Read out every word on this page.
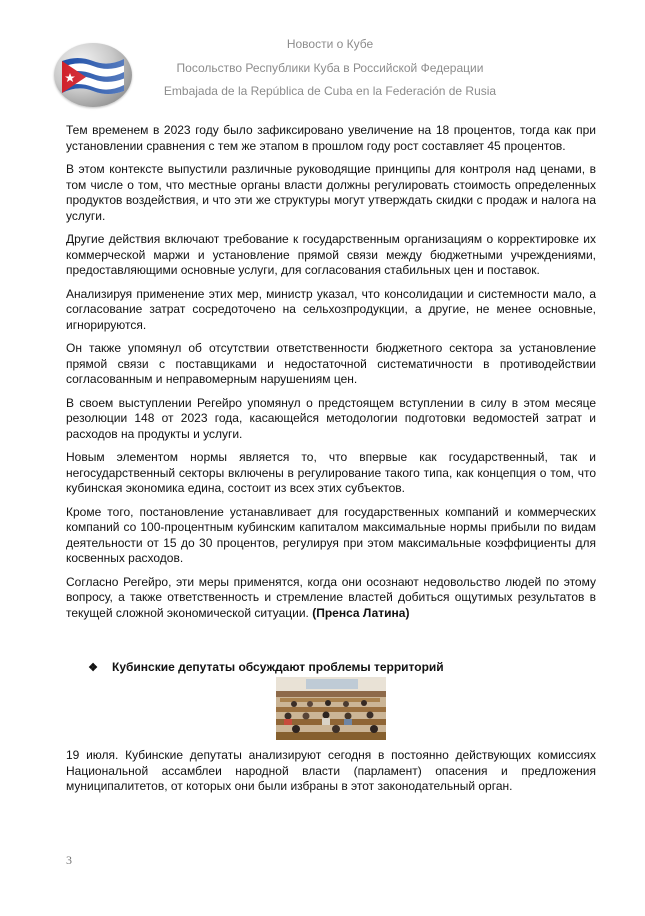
Новости о Кубе
Посольство Республики Куба в Российской Федерации
Embajada de la República de Cuba en la Federación de Rusia

Тем временем в 2023 году было зафиксировано увеличение на 18 процентов, тогда как при установлении сравнения с тем же этапом в прошлом году рост составляет 45 процентов.

В этом контексте выпустили различные руководящие принципы для контроля над ценами, в том числе о том, что местные органы власти должны регулировать стоимость определенных продуктов воздействия, и что эти же структуры могут утверждать скидки с продаж и налога на услуги.

Другие действия включают требование к государственным организациям о корректировке их коммерческой маржи и установление прямой связи между бюджетными учреждениями, предоставляющими основные услуги, для согласования стабильных цен и поставок.

Анализируя применение этих мер, министр указал, что консолидации и системности мало, а согласование затрат сосредоточено на сельхозпродукции, а другие, не менее основные, игнорируются.

Он также упомянул об отсутствии ответственности бюджетного сектора за установление прямой связи с поставщиками и недостаточной систематичности в противодействии согласованным и неправомерным нарушениям цен.

В своем выступлении Регейро упомянул о предстоящем вступлении в силу в этом месяце резолюции 148 от 2023 года, касающейся методологии подготовки ведомостей затрат и расходов на продукты и услуги.

Новым элементом нормы является то, что впервые как государственный, так и негосударственный секторы включены в регулирование такого типа, как концепция о том, что кубинская экономика едина, состоит из всех этих субъектов.

Кроме того, постановление устанавливает для государственных компаний и коммерческих компаний со 100-процентным кубинским капиталом максимальные нормы прибыли по видам деятельности от 15 до 30 процентов, регулируя при этом максимальные коэффициенты для косвенных расходов.

Согласно Регейро, эти меры применятся, когда они осознают недовольство людей по этому вопросу, а также ответственность и стремление властей добиться ощутимых результатов в текущей сложной экономической ситуации. (Пренса Латина)

❖ Кубинские депутаты обсуждают проблемы территорий

19 июля. Кубинские депутаты анализируют сегодня в постоянно действующих комиссиях Национальной ассамблеи народной власти (парламент) опасения и предложения муниципалитетов, от которых они были избраны в этот законодательный орган.

3
